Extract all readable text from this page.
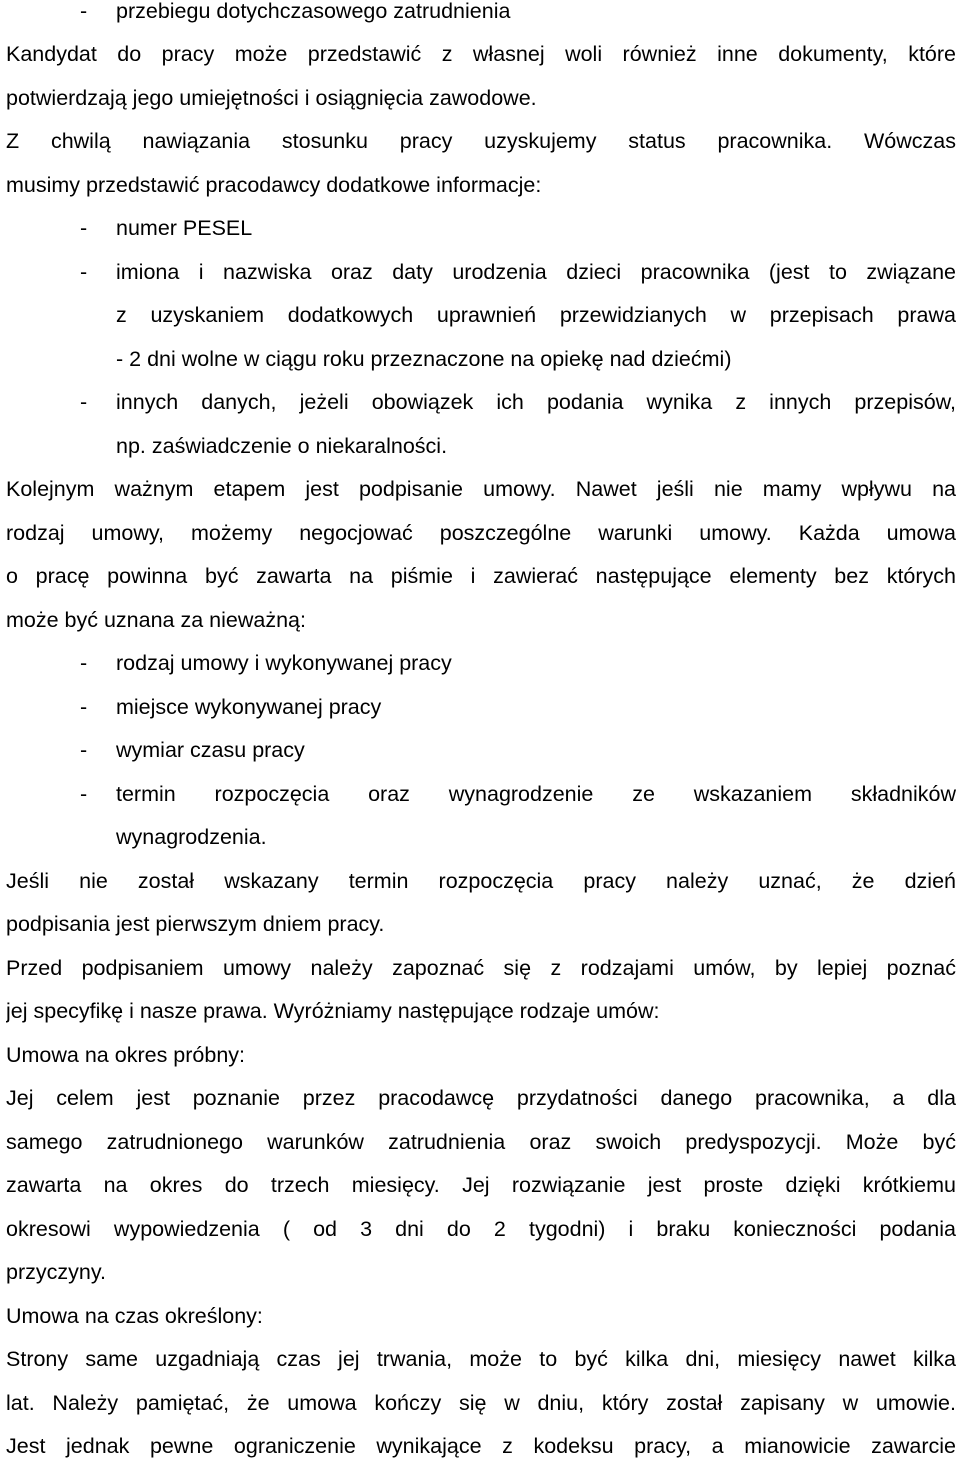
-	przebiegu dotychczasowego zatrudnienia
Kandydat do pracy może przedstawić z własnej woli również inne dokumenty, które
potwierdzają jego umiejętności i osiągnięcia zawodowe.
Z chwilą nawiązania stosunku pracy uzyskujemy status pracownika. Wówczas
musimy przedstawić pracodawcy dodatkowe informacje:
-	numer PESEL
-	imiona i nazwiska oraz daty urodzenia dzieci pracownika (jest to związane
z uzyskaniem dodatkowych uprawnień przewidzianych w przepisach prawa
- 2 dni wolne w ciągu roku przeznaczone na opiekę nad dziećmi)
-	innych danych, jeżeli obowiązek ich podania wynika z innych przepisów,
np. zaświadczenie o niekaralności.
Kolejnym ważnym etapem jest podpisanie umowy. Nawet jeśli nie mamy wpływu na
rodzaj umowy, możemy negocjować poszczególne warunki umowy. Każda umowa
o pracę powinna być zawarta na piśmie i zawierać następujące elementy bez których
może być uznana za nieważną:
-	rodzaj umowy i wykonywanej pracy
-	miejsce wykonywanej pracy
-	wymiar czasu pracy
-	termin rozpoczęcia oraz wynagrodzenie ze wskazaniem składników
wynagrodzenia.
Jeśli nie został wskazany termin rozpoczęcia pracy należy uznać, że dzień
podpisania jest pierwszym dniem pracy.
Przed podpisaniem umowy należy zapoznać się z rodzajami umów, by lepiej poznać
jej specyfikę i nasze prawa. Wyróżniamy następujące rodzaje umów:
Umowa na okres próbny:
Jej celem jest poznanie przez pracodawcę przydatności danego pracownika, a dla
samego zatrudnionego warunków zatrudnienia oraz swoich predyspozycji. Może być
zawarta na okres do trzech miesięcy. Jej rozwiązanie jest proste dzięki krótkiemu
okresowi wypowiedzenia ( od 3 dni do 2 tygodni) i braku konieczności podania
przyczyny.
Umowa na czas określony:
Strony same uzgadniają czas jej trwania, może to być kilka dni, miesięcy nawet kilka
lat. Należy pamiętać, że umowa kończy się w dniu, który został zapisany w umowie.
Jest jednak pewne ograniczenie wynikające z kodeksu pracy, a mianowicie zawarcie
